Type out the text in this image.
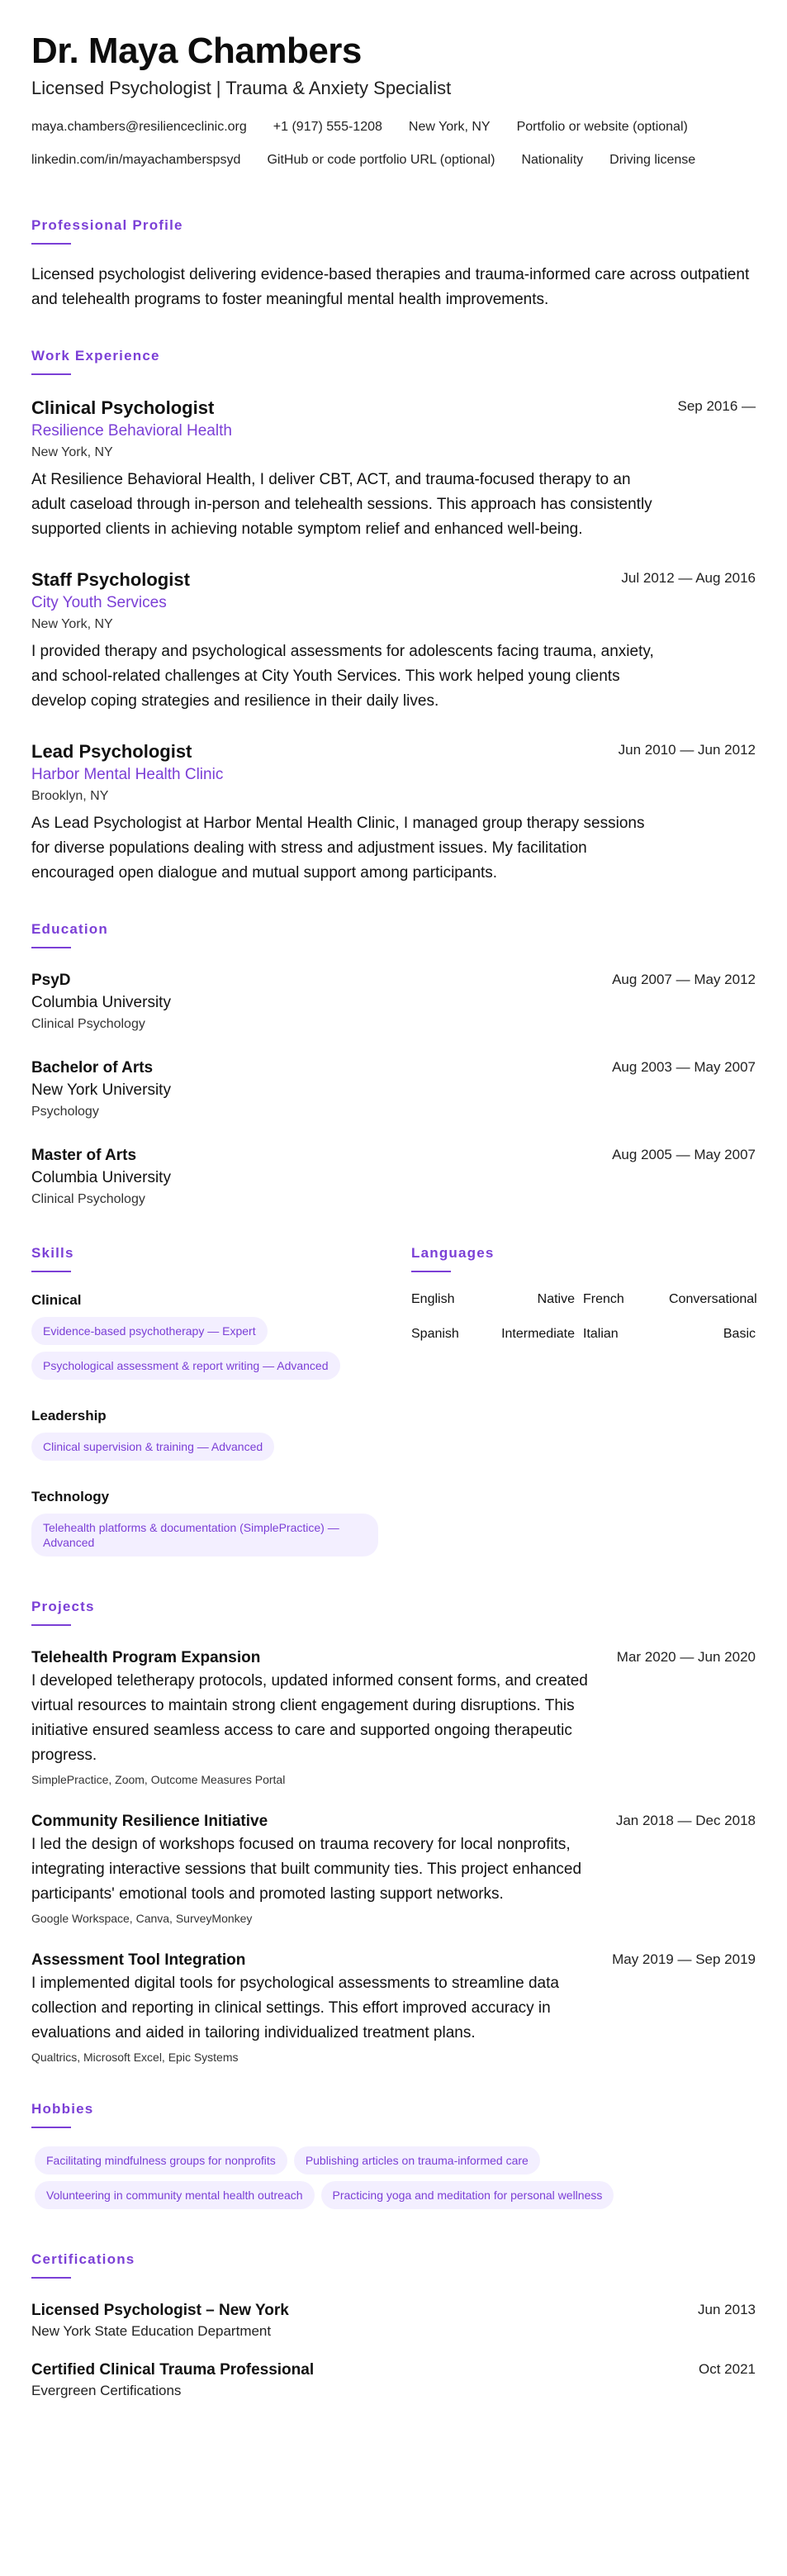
Dr. Maya Chambers
Licensed Psychologist | Trauma & Anxiety Specialist
maya.chambers@resilienceclinic.org +1 (917) 555-1208 New York, NY Portfolio or website (optional)
linkedin.com/in/mayachamberspsyd GitHub or code portfolio URL (optional) Nationality Driving license
Professional Profile

Licensed psychologist delivering evidence-based therapies and trauma-informed care across outpatient and telehealth programs to foster meaningful mental health improvements.

Work Experience
Clinical Psychologist
Resilience Behavioral Health
New York, NY
At Resilience Behavioral Health, I deliver CBT, ACT, and trauma-focused therapy to an adult caseload through in-person and telehealth sessions. This approach has consistently supported clients in achieving notable symptom relief and enhanced well-being.
Sep 2016 —
Staff Psychologist
City Youth Services
New York, NY
I provided therapy and psychological assessments for adolescents facing trauma, anxiety, and school-related challenges at City Youth Services. This work helped young clients develop coping strategies and resilience in their daily lives.
Jul 2012 — Aug 2016
Lead Psychologist
Harbor Mental Health Clinic
Brooklyn, NY
As Lead Psychologist at Harbor Mental Health Clinic, I managed group therapy sessions for diverse populations dealing with stress and adjustment issues. My facilitation encouraged open dialogue and mutual support among participants.
Jun 2010 — Jun 2012
Education
PsyD
Columbia University
Clinical Psychology
Aug 2007 — May 2012
Bachelor of Arts
New York University
Psychology
Aug 2003 — May 2007
Master of Arts
Columbia University
Clinical Psychology
Aug 2005 — May 2007
Skills
Clinical
Evidence-based psychotherapy — Expert
Psychological assessment & report writing — Advanced
Leadership
Clinical supervision & training — Advanced
Technology
Telehealth platforms & documentation (SimplePractice) — Advanced
Languages
English	Native French	Conversational
Spanish	Intermediate Italian	Basic
Projects
Telehealth Program Expansion
I developed teletherapy protocols, updated informed consent forms, and created virtual resources to maintain strong client engagement during disruptions. This initiative ensured seamless access to care and supported ongoing therapeutic progress.
SimplePractice, Zoom, Outcome Measures Portal
Mar 2020 — Jun 2020
Community Resilience Initiative
I led the design of workshops focused on trauma recovery for local nonprofits, integrating interactive sessions that built community ties. This project enhanced participants' emotional tools and promoted lasting support networks.
Google Workspace, Canva, SurveyMonkey
Jan 2018 — Dec 2018
Assessment Tool Integration
I implemented digital tools for psychological assessments to streamline data collection and reporting in clinical settings. This effort improved accuracy in evaluations and aided in tailoring individualized treatment plans.
Qualtrics, Microsoft Excel, Epic Systems
May 2019 — Sep 2019
Hobbies
Facilitating mindfulness groups for nonprofits	Publishing articles on trauma-informed care
Volunteering in community mental health outreach	Practicing yoga and meditation for personal wellness
Certifications
Licensed Psychologist – New York
New York State Education Department
Jun 2013
Certified Clinical Trauma Professional
Evergreen Certifications
Oct 2021
